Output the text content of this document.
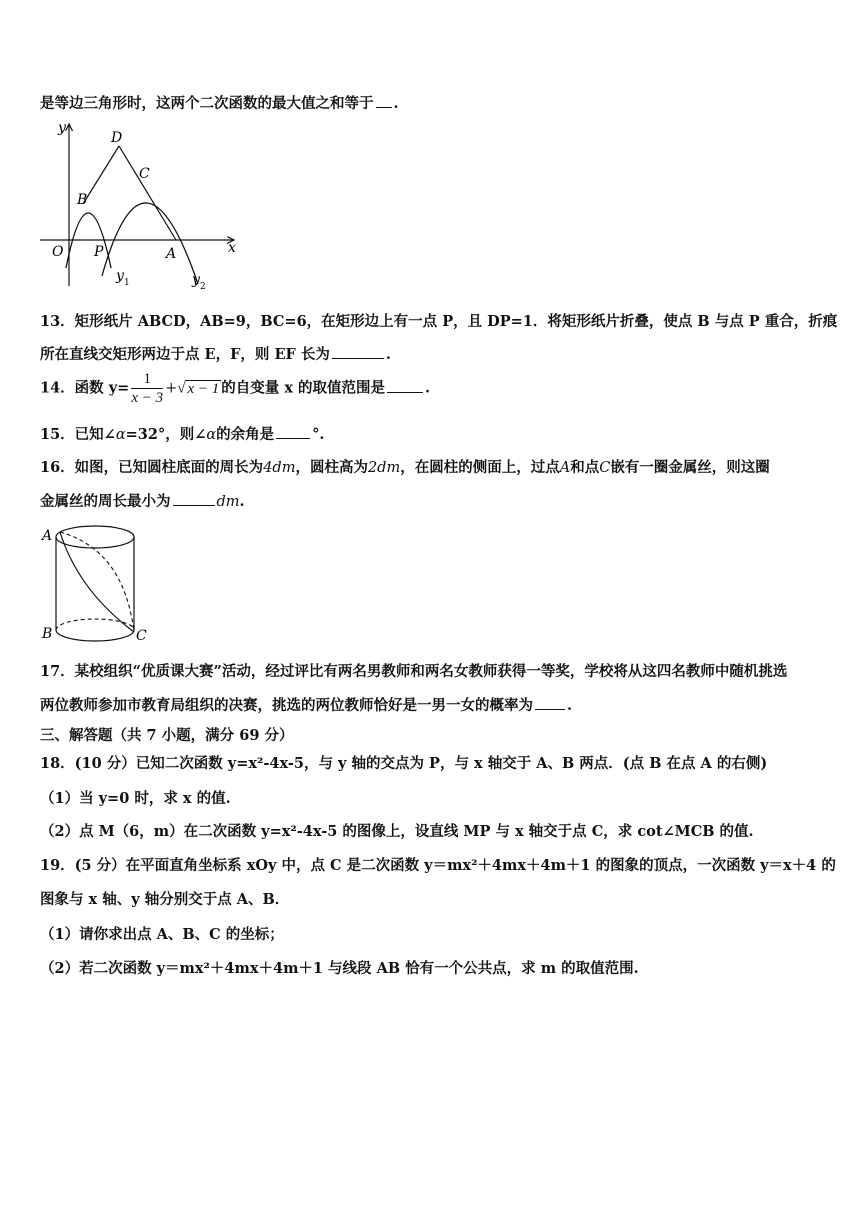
是等边三角形时，这两个二次函数的最大值之和等于 .
y
x
O
D
C
B
P	A
y 1	y 2
13．矩形纸片 ABCD，AB=9，BC=6，在矩形边上有一点 P，且 DP=1．将矩形纸片折叠，使点 B 与点 P 重合，折痕
所在直线交矩形两边于点 E，F，则 EF 长为	.
14．函数 $y= \frac{1}{x - 3}$ +√ x − 1 的自变量 x 的取值范围是	.
15．已知∠α=32°，则∠α的余角是	°.
16．如图，已知圆柱底面的周长为4dm，圆柱高为2dm，在圆柱的侧面上，过点A和点C嵌有一圈金属丝，则这圈
金属丝的周长最小为	dm.
A
B	C
17．某校组织“优质课大赛”活动，经过评比有两名男教师和两名女教师获得一等奖，学校将从这四名教师中随机挑选
两位教师参加市教育局组织的决赛，挑选的两位教师恰好是一男一女的概率为 .
三、解答题（共 7 小题，满分 69 分）
18．(10 分）已知二次函数 y=x²-4x-5，与 y 轴的交点为 P，与 x 轴交于 A、B 两点．(点 B 在点 A 的右侧)
（1）当 y=0 时，求 x 的值.
（2）点 M（6，m）在二次函数 y=x²-4x-5 的图像上，设直线 MP 与 x 轴交于点 C，求 cot∠MCB 的值.
19．(5 分）在平面直角坐标系 xOy 中，点 C 是二次函数 y＝mx²＋4mx＋4m＋1 的图象的顶点，一次函数 y＝x＋4 的
图象与 x 轴、y 轴分别交于点 A、B．
（1）请你求出点 A、B、C 的坐标；
（2）若二次函数 y＝mx²＋4mx＋4m＋1 与线段 AB 恰有一个公共点，求 m 的取值范围.
